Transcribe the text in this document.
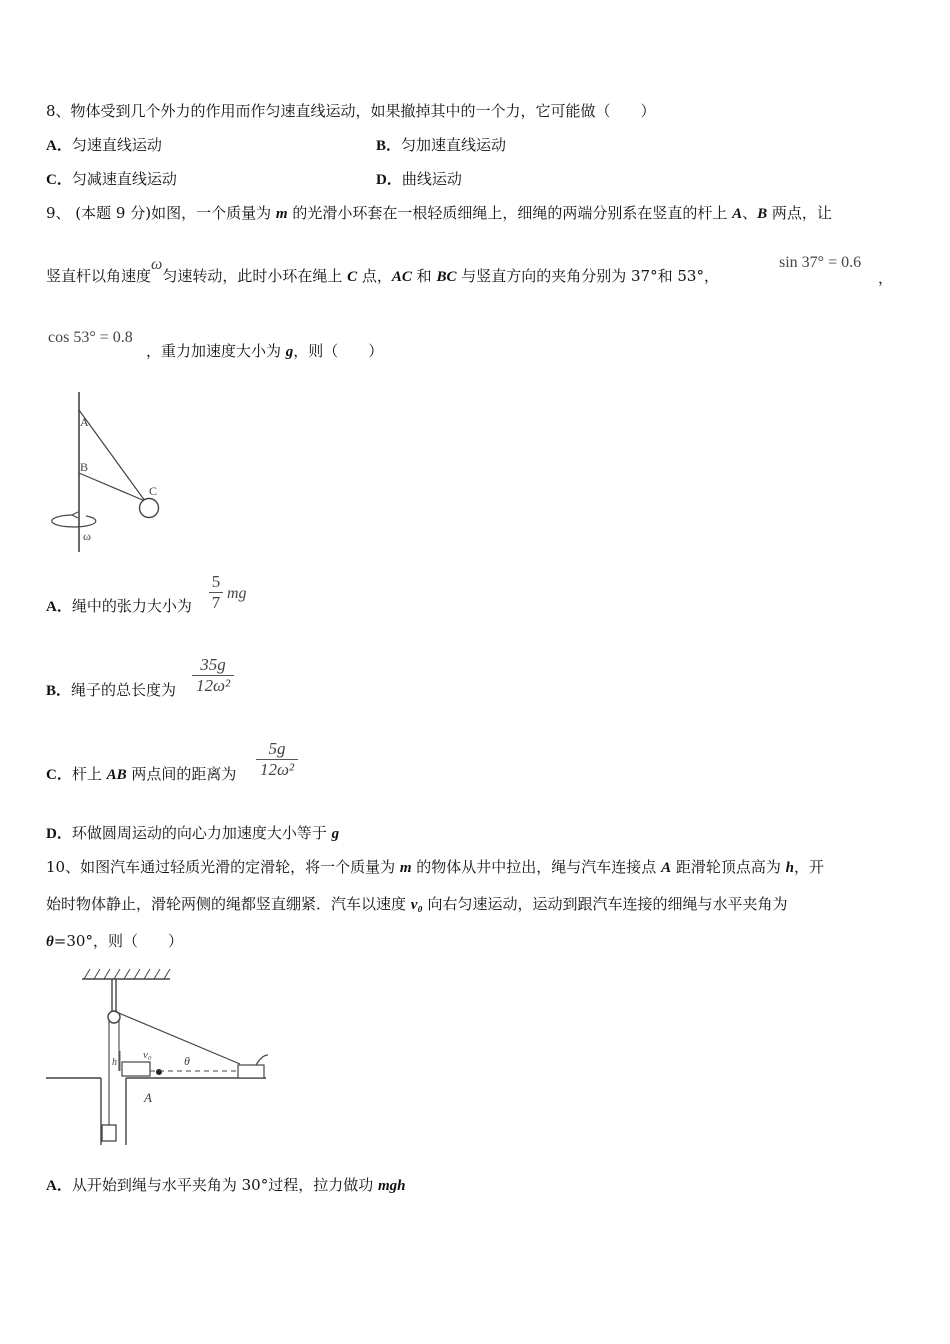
8、物体受到几个外力的作用而作匀速直线运动，如果撤掉其中的一个力，它可能做（　　）
A．匀速直线运动	B．匀加速直线运动
C．匀减速直线运动	D．曲线运动
9、 (本题 9 分)如图，一个质量为 m 的光滑小环套在一根轻质细绳上，细绳的两端分别系在竖直的杆上 A、B 两点，让
竖直杆以角速度ω匀速转动，此时小环在绳上 C 点，AC 和 BC 与竖直方向的夹角分别为 37°和 53°，
sin 37° = 0.6
，
cos 53° = 0.8
，重力加速度大小为 g，则（　　）
A
B
C
ω
A．绳中的张力大小为
5
7 mg
B．绳子的总长度为
35g
12ω²
C．杆上 AB 两点间的距离为
5g
12ω²
D．环做圆周运动的向心力加速度大小等于 g
10、如图汽车通过轻质光滑的定滑轮，将一个质量为 m 的物体从井中拉出，绳与汽车连接点 A 距滑轮顶点高为 h，开
始时物体静止，滑轮两侧的绳都竖直绷紧．汽车以速度 v₀ 向右匀速运动，运动到跟汽车连接的细绳与水平夹角为
θ=30°，则（　　）
h
v₀	θ
A
A．从开始到绳与水平夹角为 30°过程，拉力做功 mgh
